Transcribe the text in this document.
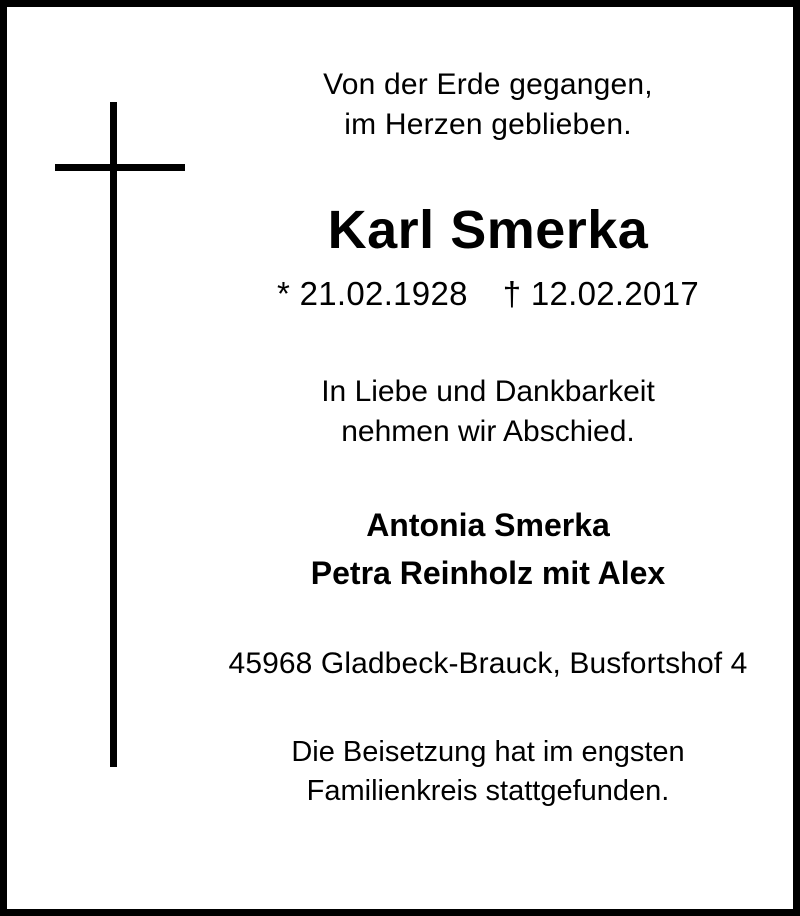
Von der Erde gegangen,
im Herzen geblieben.
Karl Smerka
* 21.02.1928 † 12.02.2017
In Liebe und Dankbarkeit
nehmen wir Abschied.
Antonia Smerka
Petra Reinholz mit Alex
45968 Gladbeck-Brauck, Busfortshof 4
Die Beisetzung hat im engsten
Familienkreis stattgefunden.
